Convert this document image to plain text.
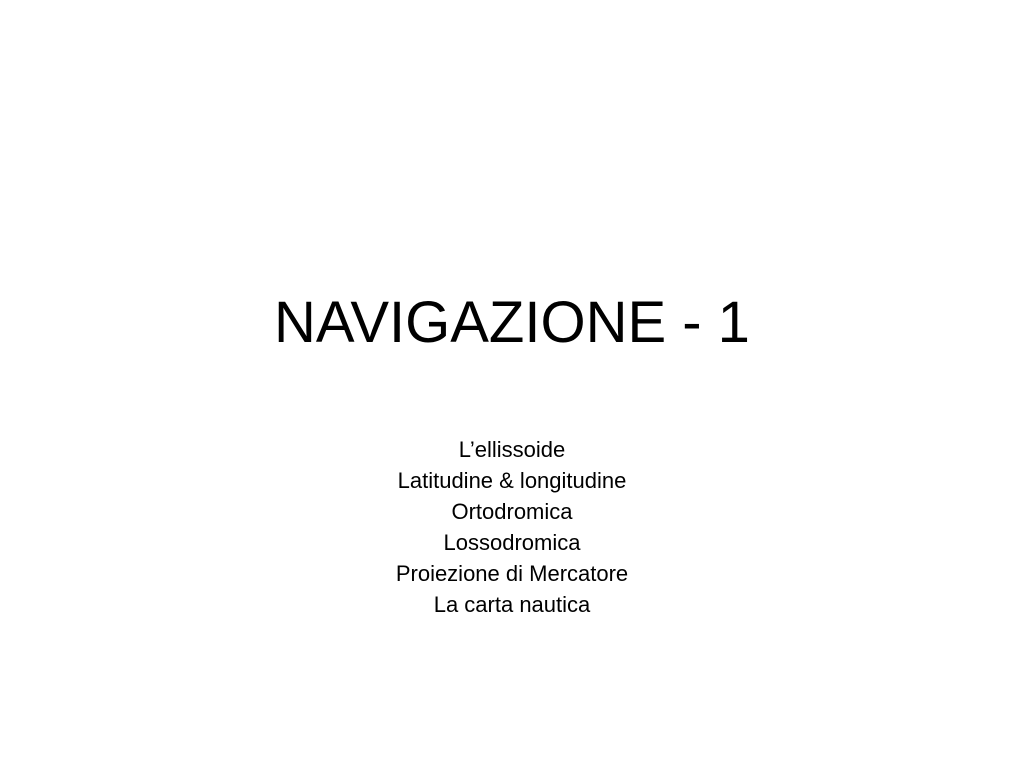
NAVIGAZIONE - 1
L’ellissoide
Latitudine & longitudine
Ortodromica
Lossodromica
Proiezione di Mercatore
La carta nautica
